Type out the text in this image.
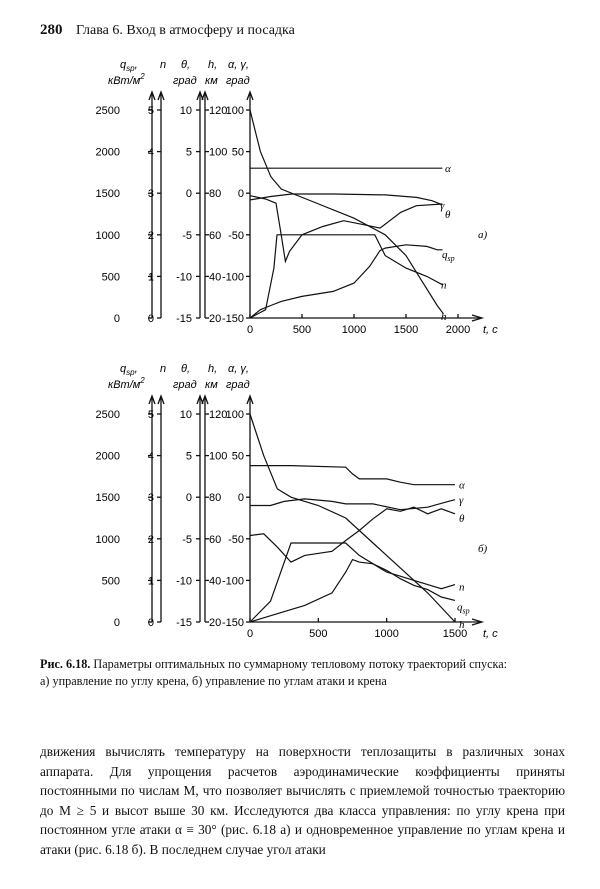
280 Глава 6. Вход в атмосферу и посадка
$q_{sp}$,
кВт/$м^2$
n θ,
град
h,
км
α, γ,
град
0
500
1000
1500
2000
2500
0
1
2
3
4
5
-15
-10
-5
0
5
10
20
40
60
80
100
120
-150
-100
-50
0
50
100
0	500	1000	1500	2000 t, с
α
γ
θ
n
h
$q_{sp}$
а)
$q_{sp}$,
кВт/$м^2$
n θ,
град
h,
км
α, γ,
град
0
500
1000
1500
2000
2500
0
1
2
3
4
5
-15
-10
-5
0
5
10
20
40
60
80
100
120
-150
-100
-50
0
50
100
0	500	1000	1500 t, с
α
γ
θ
n
h
$q_{sp}$
б)
Рис. 6.18. Параметры оптимальных по суммарному тепловому потоку траекторий спуска:
а) управление по углу крена, б) управление по углам атаки и крена

движения вычислять температуру на поверхности теплозащиты в различных зонах аппарата. Для упрощения расчетов аэродинамические коэффициенты приняты постоянными по числам M, что позволяет вычислять с приемлемой точностью траекторию до M ≥ 5 и высот выше 30 км. Исследуются два класса управления: по углу крена при постоянном угле атаки α ≡ 30° (рис. 6.18 а) и одновременное управление по углам крена и атаки (рис. 6.18 б). В последнем случае угол атаки
